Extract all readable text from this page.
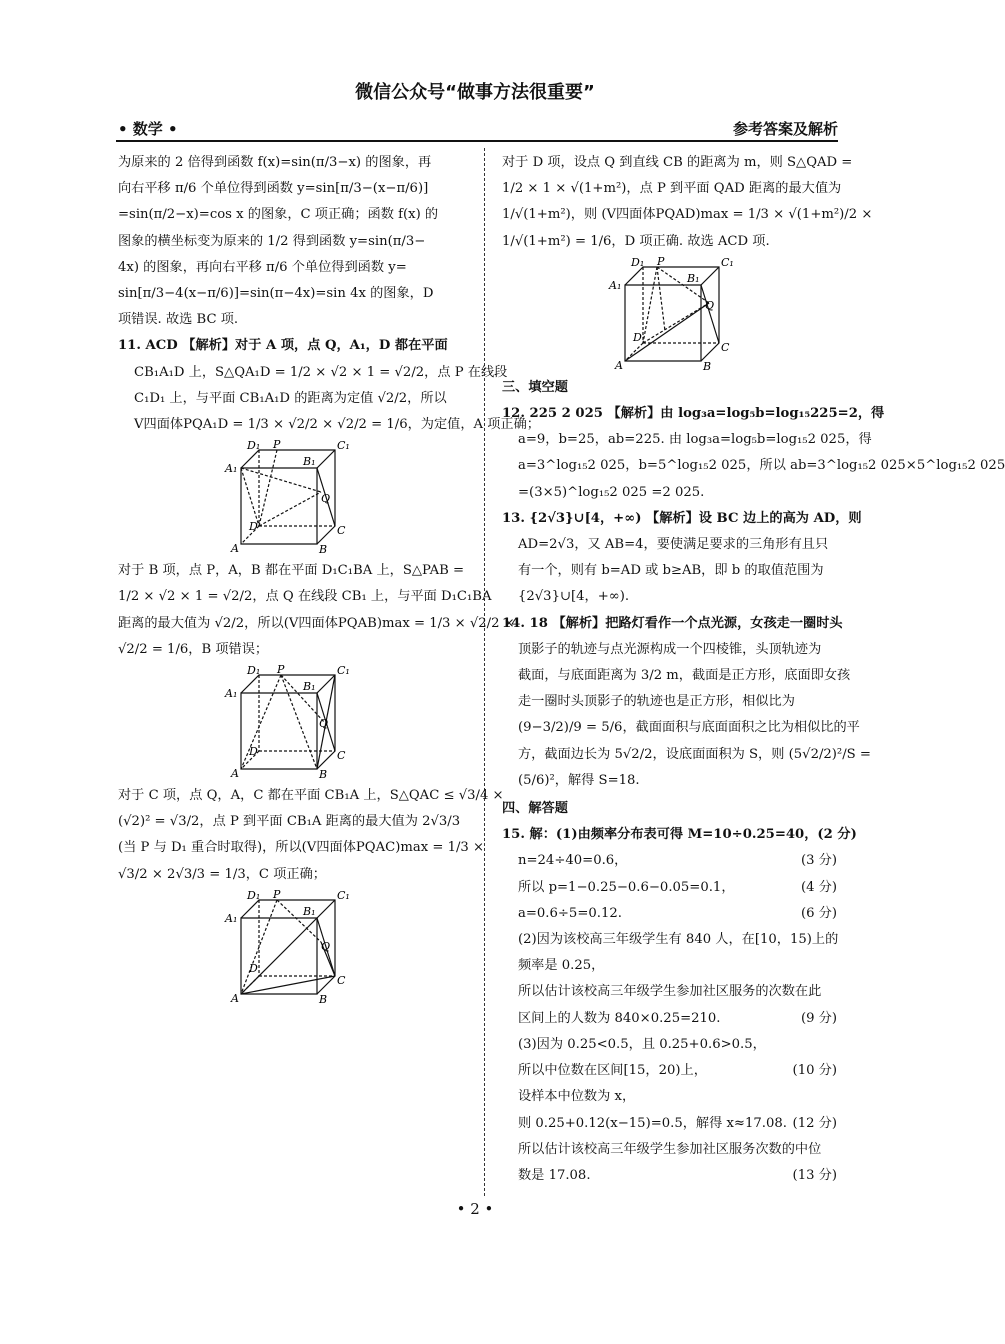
微信公众号“做事方法很重要”
• 数学 •	参考答案及解析
为原来的 2 倍得到函数 f(x)=sin(π/3−x) 的图象，再
向右平移 π/6 个单位得到函数 y=sin[π/3−(x−π/6)]
=sin(π/2−x)=cos x 的图象，C 项正确；函数 f(x) 的
图象的横坐标变为原来的 1/2 得到函数 y=sin(π/3−
4x) 的图象，再向右平移 π/6 个单位得到函数 y=
sin[π/3−4(x−π/6)]=sin(π−4x)=sin 4x 的图象，D
项错误. 故选 BC 项.
11. ACD 【解析】对于 A 项，点 Q，A₁，D 都在平面
CB₁A₁D 上，S△QA₁D = 1/2 × √2 × 1 = √2/2，点 P 在线段
C₁D₁ 上，与平面 CB₁A₁D 的距离为定值 √2/2，所以
V四面体PQA₁D = 1/3 × √2/2 × √2/2 = 1/6，为定值，A 项正确；
D₁ P	C₁
A₁
B₁
Q
D	C
A	B
对于 B 项，点 P，A，B 都在平面 D₁C₁BA 上，S△PAB =
1/2 × √2 × 1 = √2/2，点 Q 在线段 CB₁ 上，与平面 D₁C₁BA
距离的最大值为 √2/2，所以(V四面体PQAB)max = 1/3 × √2/2 ×
√2/2 = 1/6，B 项错误；
D₁ P	C₁
A₁
B₁
Q
D	C
A	B
对于 C 项，点 Q，A，C 都在平面 CB₁A 上，S△QAC ≤ √3/4 ×
(√2)² = √3/2，点 P 到平面 CB₁A 距离的最大值为 2√3/3
(当 P 与 D₁ 重合时取得)，所以(V四面体PQAC)max = 1/3 ×
√3/2 × 2√3/3 = 1/3，C 项正确；
D₁ P	C₁
A₁
B₁
Q
D
C
A	B
对于 D 项，设点 Q 到直线 CB 的距离为 m，则 S△QAD =
1/2 × 1 × √(1+m²)，点 P 到平面 QAD 距离的最大值为
1/√(1+m²)，则 (V四面体PQAD)max = 1/3 × √(1+m²)/2 ×
1/√(1+m²) = 1/6，D 项正确. 故选 ACD 项.
D₁ P	C₁
A₁
B₁
Q
D
C
A	B
三、填空题
12. 225 2 025 【解析】由 log₃a=log₅b=log₁₅225=2，得
a=9，b=25，ab=225. 由 log₃a=log₅b=log₁₅2 025，得
a=3^log₁₅2 025，b=5^log₁₅2 025，所以 ab=3^log₁₅2 025×5^log₁₅2 025
=(3×5)^log₁₅2 025 =2 025.
13. {2√3}∪[4，+∞) 【解析】设 BC 边上的高为 AD，则
AD=2√3，又 AB=4，要使满足要求的三角形有且只
有一个，则有 b=AD 或 b≥AB，即 b 的取值范围为
{2√3}∪[4，+∞).
14. 18 【解析】把路灯看作一个点光源，女孩走一圈时头
顶影子的轨迹与点光源构成一个四棱锥，头顶轨迹为
截面，与底面距离为 3/2 m，截面是正方形，底面即女孩
走一圈时头顶影子的轨迹也是正方形，相似比为
(9−3/2)/9 = 5/6，截面面积与底面面积之比为相似比的平
方，截面边长为 5√2/2，设底面面积为 S，则 (5√2/2)²/S =
(5/6)²，解得 S=18.
四、解答题
15. 解：(1)由频率分布表可得 M=10÷0.25=40， (2 分)
n=24÷40=0.6，	(3 分)
所以 p=1−0.25−0.6−0.05=0.1，	(4 分)
a=0.6÷5=0.12.	(6 分)
(2)因为该校高三年级学生有 840 人，在[10，15)上的
频率是 0.25，
所以估计该校高三年级学生参加社区服务的次数在此
区间上的人数为 840×0.25=210.	(9 分)
(3)因为 0.25<0.5，且 0.25+0.6>0.5，
所以中位数在区间[15，20)上，	(10 分)
设样本中位数为 x，
则 0.25+0.12(x−15)=0.5，解得 x≈17.08. (12 分)
所以估计该校高三年级学生参加社区服务次数的中位
数是 17.08.	(13 分)
• 2 •
